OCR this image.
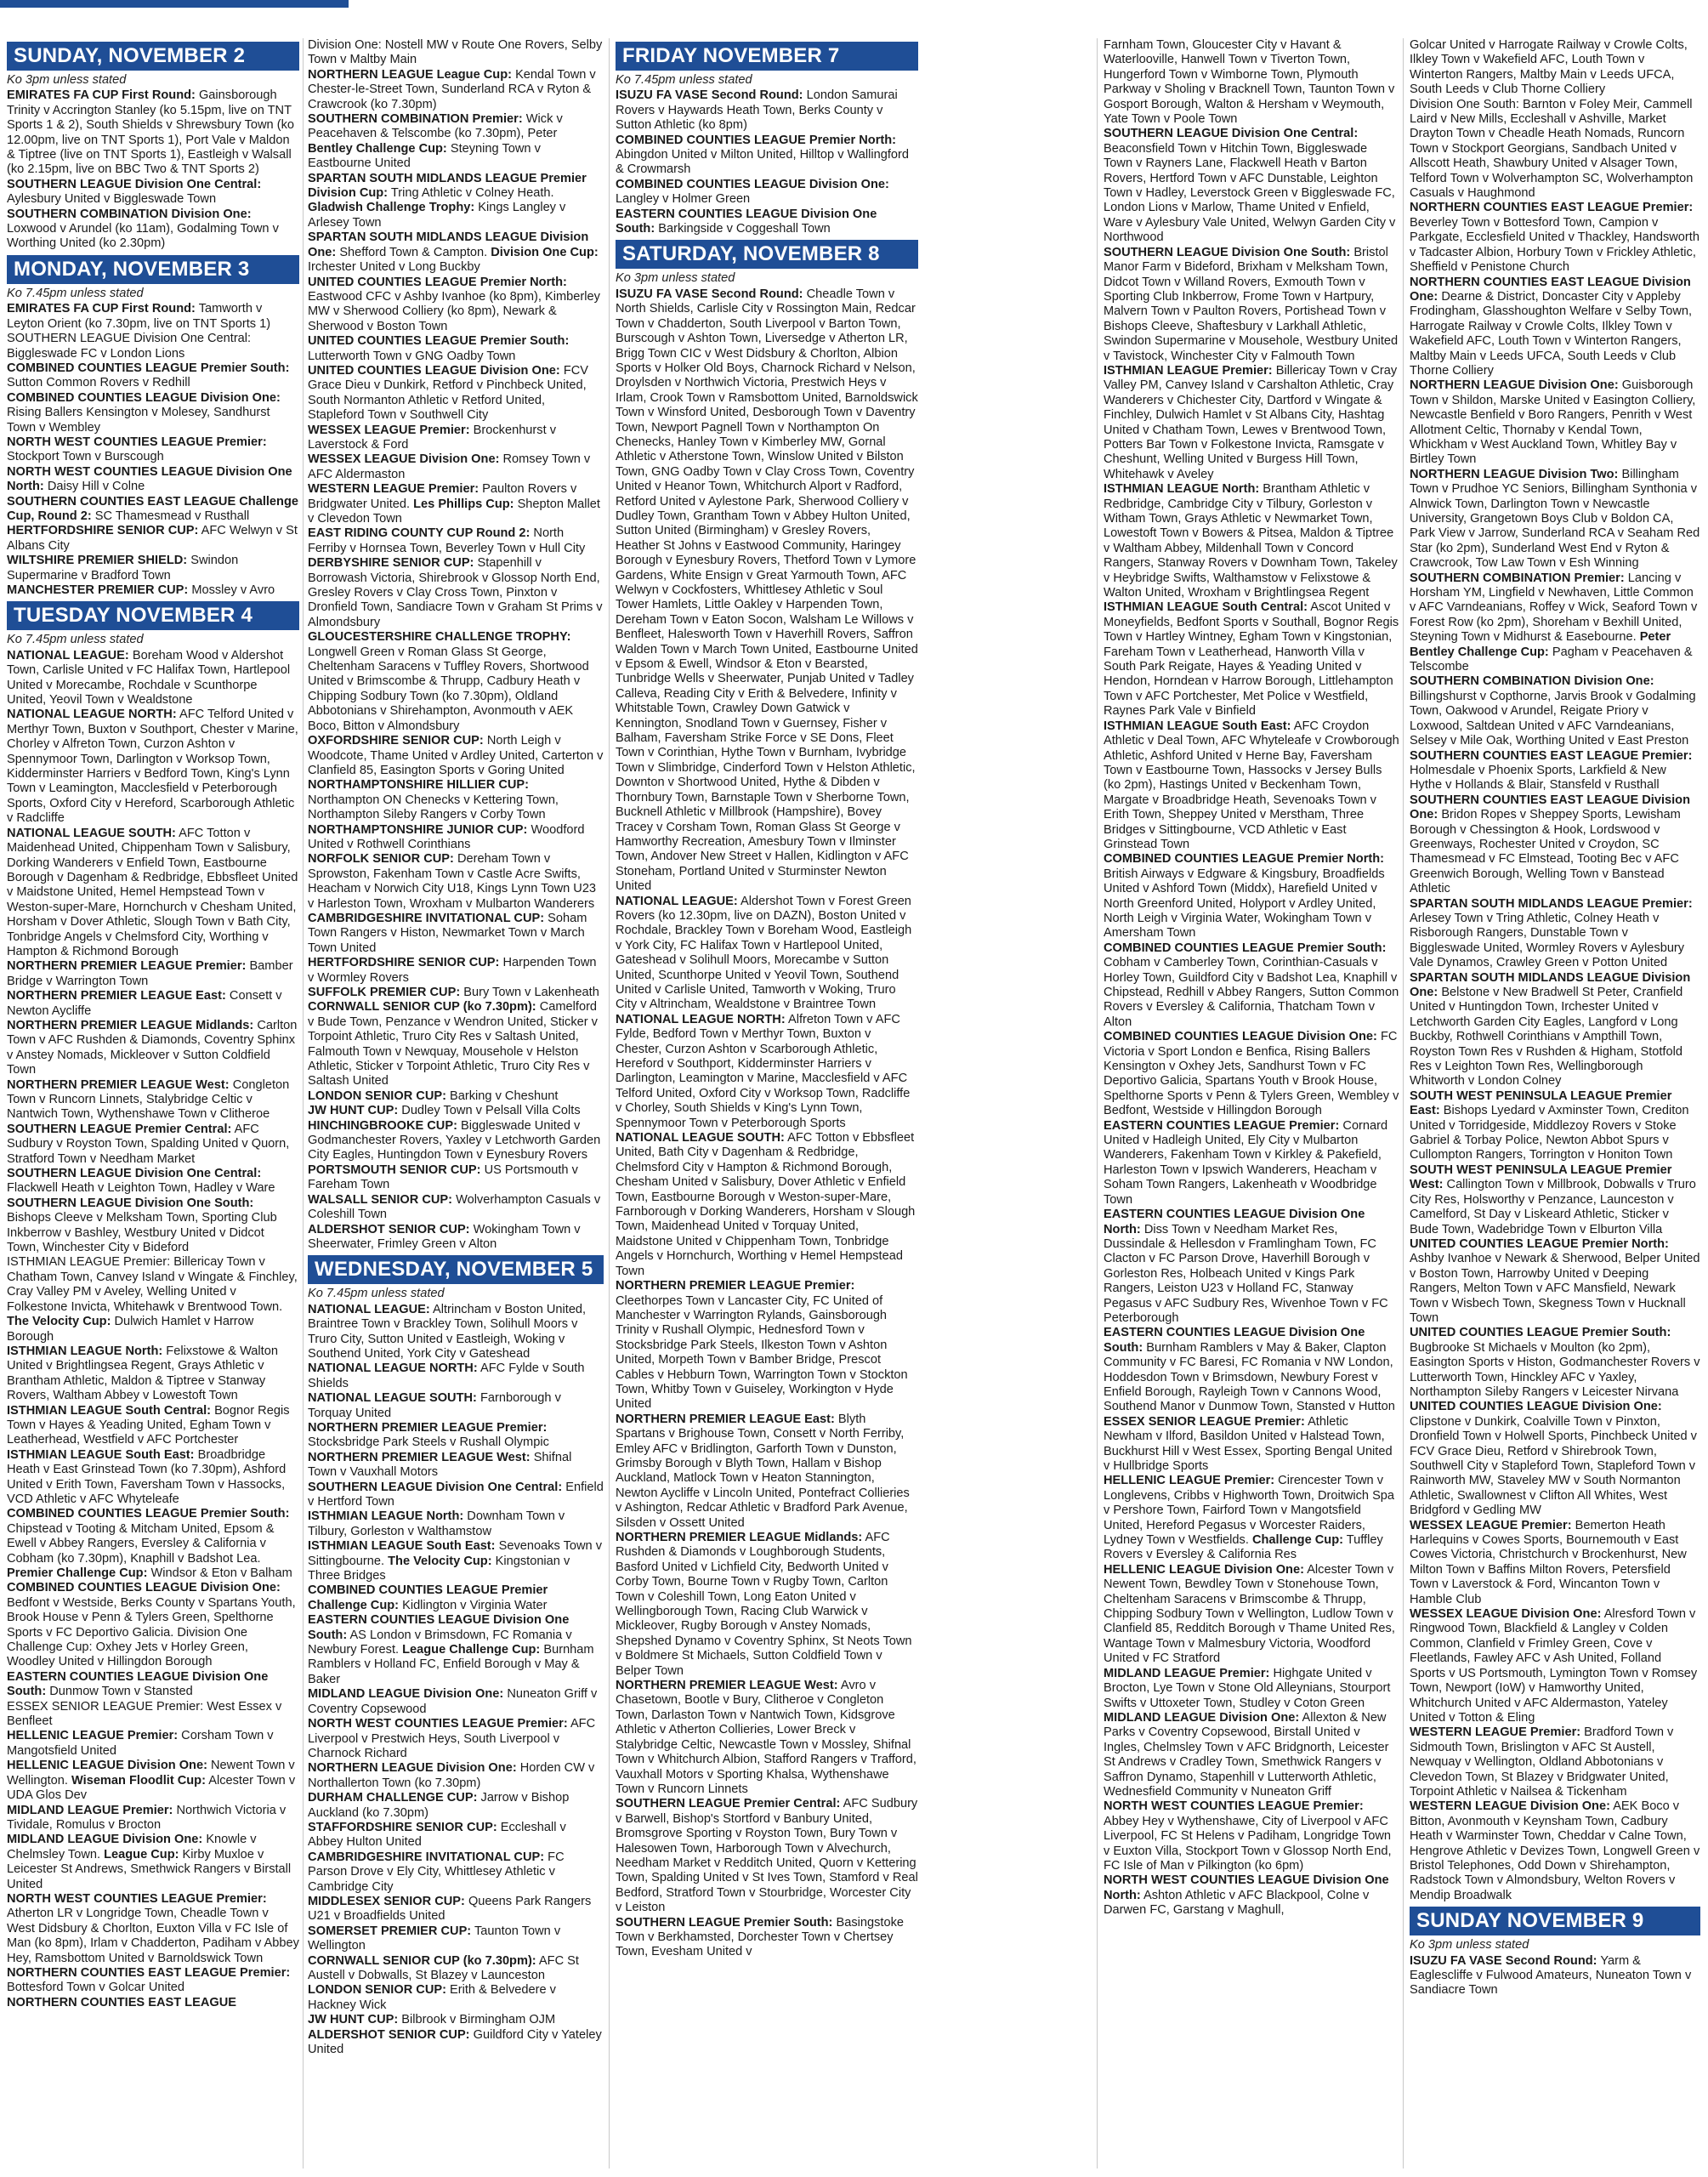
SUNDAY, NOVEMBER 2
Ko 3pm unless stated
EMIRATES FA CUP First Round: Gainsborough Trinity v Accrington Stanley (ko 5.15pm, live on TNT Sports 1 & 2), South Shields v Shrewsbury Town (ko 12.00pm, live on TNT Sports 1), Port Vale v Maldon & Tiptree (live on TNT Sports 1), Eastleigh v Walsall (ko 2.15pm, live on BBC Two & TNT Sports 2)
SOUTHERN LEAGUE Division One Central: Aylesbury United v Biggleswade Town
SOUTHERN COMBINATION Division One: Loxwood v Arundel (ko 11am), Godalming Town v Worthing United (ko 2.30pm)
MONDAY, NOVEMBER 3
Ko 7.45pm unless stated
EMIRATES FA CUP First Round: Tamworth v Leyton Orient (ko 7.30pm, live on TNT Sports 1)
SOUTHERN LEAGUE Division One Central: Biggleswade FC v London Lions
COMBINED COUNTIES LEAGUE Premier South: Sutton Common Rovers v Redhill
COMBINED COUNTIES LEAGUE Division One: Rising Ballers Kensington v Molesey, Sandhurst Town v Wembley
NORTH WEST COUNTIES LEAGUE Premier: Stockport Town v Burscough
NORTH WEST COUNTIES LEAGUE Division One North: Daisy Hill v Colne
SOUTHERN COUNTIES EAST LEAGUE Challenge Cup, Round 2: SC Thamesmead v Rusthall
HERTFORDSHIRE SENIOR CUP: AFC Welwyn v St Albans City
WILTSHIRE PREMIER SHIELD: Swindon Supermarine v Bradford Town
MANCHESTER PREMIER CUP: Mossley v Avro
TUESDAY NOVEMBER 4
Ko 7.45pm unless stated
NATIONAL LEAGUE: Boreham Wood v Aldershot Town, Carlisle United v FC Halifax Town, Hartlepool United v Morecambe, Rochdale v Scunthorpe United, Yeovil Town v Wealdstone
NATIONAL LEAGUE NORTH: AFC Telford United v Merthyr Town, Buxton v Southport, Chester v Marine, Chorley v Alfreton Town, Curzon Ashton v Spennymoor Town, Darlington v Worksop Town, Kidderminster Harriers v Bedford Town, King's Lynn Town v Leamington, Macclesfield v Peterborough Sports, Oxford City v Hereford, Scarborough Athletic v Radcliffe
NATIONAL LEAGUE SOUTH: AFC Totton v Maidenhead United, Chippenham Town v Salisbury, Dorking Wanderers v Enfield Town, Eastbourne Borough v Dagenham & Redbridge, Ebbsfleet United v Maidstone United, Hemel Hempstead Town v Weston-super-Mare, Hornchurch v Chesham United, Horsham v Dover Athletic, Slough Town v Bath City, Tonbridge Angels v Chelmsford City, Worthing v Hampton & Richmond Borough
NORTHERN PREMIER LEAGUE Premier: Bamber Bridge v Warrington Town
NORTHERN PREMIER LEAGUE East: Consett v Newton Aycliffe
NORTHERN PREMIER LEAGUE Midlands: Carlton Town v AFC Rushden & Diamonds, Coventry Sphinx v Anstey Nomads, Mickleover v Sutton Coldfield Town
NORTHERN PREMIER LEAGUE West: Congleton Town v Runcorn Linnets, Stalybridge Celtic v Nantwich Town, Wythenshawe Town v Clitheroe
SOUTHERN LEAGUE Premier Central: AFC Sudbury v Royston Town, Spalding United v Quorn, Stratford Town v Needham Market
SOUTHERN LEAGUE Division One Central: Flackwell Heath v Leighton Town, Hadley v Ware
SOUTHERN LEAGUE Division One South: Bishops Cleeve v Melksham Town, Sporting Club Inkberrow v Bashley, Westbury United v Didcot Town, Winchester City v Bideford
ISTHMIAN LEAGUE Premier: Billericay Town v Chatham Town, Canvey Island v Wingate & Finchley, Cray Valley PM v Aveley, Welling United v Folkestone Invicta, Whitehawk v Brentwood Town. The Velocity Cup: Dulwich Hamlet v Harrow Borough
ISTHMIAN LEAGUE North: Felixstowe & Walton United v Brightlingsea Regent, Grays Athletic v Brantham Athletic, Maldon & Tiptree v Stanway Rovers, Waltham Abbey v Lowestoft Town
ISTHMIAN LEAGUE South Central: Bognor Regis Town v Hayes & Yeading United, Egham Town v Leatherhead, Westfield v AFC Portchester
ISTHMIAN LEAGUE South East: Broadbridge Heath v East Grinstead Town (ko 7.30pm), Ashford United v Erith Town, Faversham Town v Hassocks, VCD Athletic v AFC Whyteleafe
COMBINED COUNTIES LEAGUE Premier South: Chipstead v Tooting & Mitcham United, Epsom & Ewell v Abbey Rangers, Eversley & California v Cobham (ko 7.30pm), Knaphill v Badshot Lea. Premier Challenge Cup: Windsor & Eton v Balham
COMBINED COUNTIES LEAGUE Division One: Bedfont v Westside, Berks County v Spartans Youth, Brook House v Penn & Tylers Green, Spelthorne Sports v FC Deportivo Galicia. Division One Challenge Cup: Oxhey Jets v Horley Green, Woodley United v Hillingdon Borough
EASTERN COUNTIES LEAGUE Division One South: Dunmow Town v Stansted
ESSEX SENIOR LEAGUE Premier: West Essex v Benfleet
HELLENIC LEAGUE Premier: Corsham Town v Mangotsfield United
HELLENIC LEAGUE Division One: Newent Town v Wellington. Wiseman Floodlit Cup: Alcester Town v UDA Glos Dev
MIDLAND LEAGUE Premier: Northwich Victoria v Tividale, Romulus v Brocton
MIDLAND LEAGUE Division One: Knowle v Chelmsley Town. League Cup: Kirby Muxloe v Leicester St Andrews, Smethwick Rangers v Birstall United
NORTH WEST COUNTIES LEAGUE Premier: Atherton LR v Longridge Town, Cheadle Town v West Didsbury & Chorlton, Euxton Villa v FC Isle of Man (ko 8pm), Irlam v Chadderton, Padiham v Abbey Hey, Ramsbottom United v Barnoldswick Town
NORTHERN COUNTIES EAST LEAGUE Premier: Bottesford Town v Golcar United
NORTHERN COUNTIES EAST LEAGUE
Division One: Nostell MW v Route One Rovers, Selby Town v Maltby Main
NORTHERN LEAGUE League Cup: Kendal Town v Chester-le-Street Town, Sunderland RCA v Ryton & Crawcrook (ko 7.30pm)
SOUTHERN COMBINATION Premier: Wick v Peacehaven & Telscombe (ko 7.30pm), Peter
Bentley Challenge Cup: Steyning Town v Eastbourne United
SPARTAN SOUTH MIDLANDS LEAGUE Premier Division Cup: Tring Athletic v Colney Heath. Gladwish Challenge Trophy: Kings Langley v Arlesey Town
SPARTAN SOUTH MIDLANDS LEAGUE Division One: Shefford Town & Campton. Division One Cup: Irchester United v Long Buckby
UNITED COUNTIES LEAGUE Premier North: Eastwood CFC v Ashby Ivanhoe (ko 8pm), Kimberley MW v Sherwood Colliery (ko 8pm), Newark & Sherwood v Boston Town
UNITED COUNTIES LEAGUE Premier South: Lutterworth Town v GNG Oadby Town
UNITED COUNTIES LEAGUE Division One: FCV Grace Dieu v Dunkirk, Retford v Pinchbeck United, South Normanton Athletic v Retford United, Stapleford Town v Southwell City
WESSEX LEAGUE Premier: Brockenhurst v Laverstock & Ford
WESSEX LEAGUE Division One: Romsey Town v AFC Aldermaston
WESTERN LEAGUE Premier: Paulton Rovers v Bridgwater United. Les Phillips Cup: Shepton Mallet v Clevedon Town
EAST RIDING COUNTY CUP Round 2: North Ferriby v Hornsea Town, Beverley Town v Hull City
DERBYSHIRE SENIOR CUP: Stapenhill v Borrowash Victoria, Shirebrook v Glossop North End, Gresley Rovers v Clay Cross Town, Pinxton v Dronfield Town, Sandiacre Town v Graham St Prims v Almondsbury
GLOUCESTERSHIRE CHALLENGE TROPHY: Longwell Green v Roman Glass St George, Cheltenham Saracens v Tuffley Rovers, Shortwood United v Brimscombe & Thrupp, Cadbury Heath v Chipping Sodbury Town (ko 7.30pm), Oldland Abbotonians v Shirehampton, Avonmouth v AEK Boco, Bitton v Almondsbury
OXFORDSHIRE SENIOR CUP: North Leigh v Woodcote, Thame United v Ardley United, Carterton v Clanfield 85, Easington Sports v Goring United
NORTHAMPTONSHIRE HILLIER CUP: Northampton ON Chenecks v Kettering Town, Northampton Sileby Rangers v Corby Town
NORTHAMPTONSHIRE JUNIOR CUP: Woodford United v Rothwell Corinthians
NORFOLK SENIOR CUP: Dereham Town v Sprowston, Fakenham Town v Castle Acre Swifts, Heacham v Norwich City U18, Kings Lynn Town U23 v Harleston Town, Wroxham v Mulbarton Wanderers
CAMBRIDGESHIRE INVITATIONAL CUP: Soham Town Rangers v Histon, Newmarket Town v March Town United
HERTFORDSHIRE SENIOR CUP: Harpenden Town v Wormley Rovers
SUFFOLK PREMIER CUP: Bury Town v Lakenheath
CORNWALL SENIOR CUP (ko 7.30pm): Camelford v Bude Town, Penzance v Wendron United, Sticker v Torpoint Athletic, Truro City Res v Saltash United, Falmouth Town v Newquay, Mousehole v Helston Athletic, Sticker v Torpoint Athletic, Truro City Res v Saltash United
LONDON SENIOR CUP: Barking v Cheshunt
JW HUNT CUP: Dudley Town v Pelsall Villa Colts
HINCHINGBROOKE CUP: Biggleswade United v Godmanchester Rovers, Yaxley v Letchworth Garden City Eagles, Huntingdon Town v Eynesbury Rovers
PORTSMOUTH SENIOR CUP: US Portsmouth v Fareham Town
WALSALL SENIOR CUP: Wolverhampton Casuals v Coleshill Town
ALDERSHOT SENIOR CUP: Wokingham Town v Sheerwater, Frimley Green v Alton
WEDNESDAY, NOVEMBER 5
Ko 7.45pm unless stated
NATIONAL LEAGUE: Altrincham v Boston United, Braintree Town v Brackley Town, Solihull Moors v Truro City, Sutton United v Eastleigh, Woking v Southend United, York City v Gateshead
NATIONAL LEAGUE NORTH: AFC Fylde v South Shields
NATIONAL LEAGUE SOUTH: Farnborough v Torquay United
NORTHERN PREMIER LEAGUE Premier: Stocksbridge Park Steels v Rushall Olympic
NORTHERN PREMIER LEAGUE West: Shifnal Town v Vauxhall Motors
SOUTHERN LEAGUE Division One Central: Enfield v Hertford Town
ISTHMIAN LEAGUE North: Downham Town v Tilbury, Gorleston v Walthamstow
ISTHMIAN LEAGUE South East: Sevenoaks Town v Sittingbourne. The Velocity Cup: Kingstonian v Three Bridges
COMBINED COUNTIES LEAGUE Premier Challenge Cup: Kidlington v Virginia Water
EASTERN COUNTIES LEAGUE Division One South: AS London v Brimsdown, FC Romania v Newbury Forest. League Challenge Cup: Burnham Ramblers v Holland FC, Enfield Borough v May & Baker
MIDLAND LEAGUE Division One: Nuneaton Griff v Coventry Copsewood
NORTH WEST COUNTIES LEAGUE Premier: AFC Liverpool v Prestwich Heys, South Liverpool v Charnock Richard
NORTHERN LEAGUE Division One: Horden CW v Northallerton Town (ko 7.30pm)
DURHAM CHALLENGE CUP: Jarrow v Bishop Auckland (ko 7.30pm)
STAFFORDSHIRE SENIOR CUP: Eccleshall v Abbey Hulton United
CAMBRIDGESHIRE INVITATIONAL CUP: FC Parson Drove v Ely City, Whittlesey Athletic v Cambridge City
MIDDLESEX SENIOR CUP: Queens Park Rangers U21 v Broadfields United
SOMERSET PREMIER CUP: Taunton Town v Wellington
CORNWALL SENIOR CUP (ko 7.30pm): AFC St Austell v Dobwalls, St Blazey v Launceston
LONDON SENIOR CUP: Erith & Belvedere v Hackney Wick
JW HUNT CUP: Bilbrook v Birmingham OJM
ALDERSHOT SENIOR CUP: Guildford City v Yateley United
FRIDAY NOVEMBER 7
Ko 7.45pm unless stated
ISUZU FA VASE Second Round: London Samurai Rovers v Haywards Heath Town, Berks County v Sutton Athletic (ko 8pm)
COMBINED COUNTIES LEAGUE Premier North: Abingdon United v Milton United, Hilltop v Wallingford & Crowmarsh
COMBINED COUNTIES LEAGUE Division One: Langley v Holmer Green
EASTERN COUNTIES LEAGUE Division One South: Barkingside v Coggeshall Town
SATURDAY, NOVEMBER 8
Ko 3pm unless stated
ISUZU FA VASE Second Round: Cheadle Town v North Shields, Carlisle City v Rossington Main, Redcar Town v Chadderton, South Liverpool v Barton Town, Burscough v Ashton Town, Liversedge v Atherton LR, Brigg Town CIC v West Didsbury & Chorlton, Albion Sports v Holker Old Boys, Charnock Richard v Nelson, Droylsden v Northwich Victoria, Prestwich Heys v Irlam, Crook Town v Ramsbottom United, Barnoldswick Town v Winsford United, Desborough Town v Daventry Town, Newport Pagnell Town v Northampton On Chenecks, Hanley Town v Kimberley MW, Gornal Athletic v Atherstone Town, Winslow United v Bilston Town, GNG Oadby Town v Clay Cross Town, Coventry United v Heanor Town, Whitchurch Alport v Radford, Retford United v Aylestone Park, Sherwood Colliery v Dudley Town, Grantham Town v Abbey Hulton United, Sutton United (Birmingham) v Gresley Rovers, Heather St Johns v Eastwood Community, Haringey Borough v Eynesbury Rovers, Thetford Town v Lymore Gardens, White Ensign v Great Yarmouth Town, AFC Welwyn v Cockfosters, Whittlesey Athletic v Soul Tower Hamlets, Little Oakley v Harpenden Town, Dereham Town v Eaton Socon, Walsham Le Willows v Benfleet, Halesworth Town v Haverhill Rovers, Saffron Walden Town v March Town United, Eastbourne United v Epsom & Ewell, Windsor & Eton v Bearsted, Tunbridge Wells v Sheerwater, Punjab United v Tadley Calleva, Reading City v Erith & Belvedere, Infinity v Whitstable Town, Crawley Down Gatwick v Kennington, Snodland Town v Guernsey, Fisher v Balham, Faversham Strike Force v SE Dons, Fleet Town v Corinthian, Hythe Town v Burnham, Ivybridge Town v Slimbridge, Cinderford Town v Helston Athletic, Downton v Shortwood United, Hythe & Dibden v Thornbury Town, Barnstaple Town v Sherborne Town, Bucknell Athletic v Millbrook (Hampshire), Bovey Tracey v Corsham Town, Roman Glass St George v Hamworthy Recreation, Amesbury Town v Ilminster Town, Andover New Street v Hallen, Kidlington v AFC Stoneham, Portland United v Sturminster Newton United
NATIONAL LEAGUE: Aldershot Town v Forest Green Rovers (ko 12.30pm, live on DAZN), Boston United v Rochdale, Brackley Town v Boreham Wood, Eastleigh v York City, FC Halifax Town v Hartlepool United, Gateshead v Solihull Moors, Morecambe v Sutton United, Scunthorpe United v Yeovil Town, Southend United v Carlisle United, Tamworth v Woking, Truro City v Altrincham, Wealdstone v Braintree Town
NATIONAL LEAGUE NORTH: Alfreton Town v AFC Fylde, Bedford Town v Merthyr Town, Buxton v Chester, Curzon Ashton v Scarborough Athletic, Hereford v Southport, Kidderminster Harriers v Darlington, Leamington v Marine, Macclesfield v AFC Telford United, Oxford City v Worksop Town, Radcliffe v Chorley, South Shields v King's Lynn Town, Spennymoor Town v Peterborough Sports
NATIONAL LEAGUE SOUTH: AFC Totton v Ebbsfleet United, Bath City v Dagenham & Redbridge, Chelmsford City v Hampton & Richmond Borough, Chesham United v Salisbury, Dover Athletic v Enfield Town, Eastbourne Borough v Weston-super-Mare, Farnborough v Dorking Wanderers, Horsham v Slough Town, Maidenhead United v Torquay United, Maidstone United v Chippenham Town, Tonbridge Angels v Hornchurch, Worthing v Hemel Hempstead Town
NORTHERN PREMIER LEAGUE Premier: Cleethorpes Town v Lancaster City, FC United of Manchester v Warrington Rylands, Gainsborough Trinity v Rushall Olympic, Hednesford Town v Stocksbridge Park Steels, Ilkeston Town v Ashton United, Morpeth Town v Bamber Bridge, Prescot Cables v Hebburn Town, Warrington Town v Stockton Town, Whitby Town v Guiseley, Workington v Hyde United
NORTHERN PREMIER LEAGUE East: Blyth Spartans v Brighouse Town, Consett v North Ferriby, Emley AFC v Bridlington, Garforth Town v Dunston, Grimsby Borough v Blyth Town, Hallam v Bishop Auckland, Matlock Town v Heaton Stannington, Newton Aycliffe v Lincoln United, Pontefract Collieries v Ashington, Redcar Athletic v Bradford Park Avenue, Silsden v Ossett United
NORTHERN PREMIER LEAGUE Midlands: AFC Rushden & Diamonds v Loughborough Students, Basford United v Lichfield City, Bedworth United v Corby Town, Bourne Town v Rugby Town, Carlton Town v Coleshill Town, Long Eaton United v Wellingborough Town, Racing Club Warwick v Mickleover, Rugby Borough v Anstey Nomads, Shepshed Dynamo v Coventry Sphinx, St Neots Town v Boldmere St Michaels, Sutton Coldfield Town v Belper Town
NORTHERN PREMIER LEAGUE West: Avro v Chasetown, Bootle v Bury, Clitheroe v Congleton Town, Darlaston Town v Nantwich Town, Kidsgrove Athletic v Atherton Collieries, Lower Breck v Stalybridge Celtic, Newcastle Town v Mossley, Shifnal Town v Whitchurch Albion, Stafford Rangers v Trafford, Vauxhall Motors v Sporting Khalsa, Wythenshawe Town v Runcorn Linnets
SOUTHERN LEAGUE Premier Central: AFC Sudbury v Barwell, Bishop's Stortford v Banbury United, Bromsgrove Sporting v Royston Town, Bury Town v Halesowen Town, Harborough Town v Alvechurch, Needham Market v Redditch United, Quorn v Kettering Town, Spalding United v St Ives Town, Stamford v Real Bedford, Stratford Town v Stourbridge, Worcester City v Leiston
SOUTHERN LEAGUE Premier South: Basingstoke Town v Berkhamsted, Dorchester Town v Chertsey Town, Evesham United v
Farnham Town, Gloucester City v Havant & Waterlooville, Hanwell Town v Tiverton Town, Hungerford Town v Wimborne Town, Plymouth Parkway v Sholing v Bracknell Town, Taunton Town v Gosport Borough, Walton & Hersham v Weymouth, Yate Town v Poole Town
SOUTHERN LEAGUE Division One Central: Beaconsfield Town v Hitchin Town, Biggleswade Town v Rayners Lane, Flackwell Heath v Barton Rovers, Hertford Town v AFC Dunstable, Leighton Town v Hadley, Leverstock Green v Biggleswade FC, London Lions v Marlow, Thame United v Enfield, Ware v Aylesbury Vale United, Welwyn Garden City v Northwood
SOUTHERN LEAGUE Division One South: Bristol Manor Farm v Bideford, Brixham v Melksham Town, Didcot Town v Willand Rovers, Exmouth Town v Sporting Club Inkberrow, Frome Town v Hartpury, Malvern Town v Paulton Rovers, Portishead Town v Bishops Cleeve, Shaftesbury v Larkhall Athletic, Swindon Supermarine v Mousehole, Westbury United v Tavistock, Winchester City v Falmouth Town
ISTHMIAN LEAGUE Premier: Billericay Town v Cray Valley PM, Canvey Island v Carshalton Athletic, Cray Wanderers v Chichester City, Dartford v Wingate & Finchley, Dulwich Hamlet v St Albans City, Hashtag United v Chatham Town, Lewes v Brentwood Town, Potters Bar Town v Folkestone Invicta, Ramsgate v Cheshunt, Welling United v Burgess Hill Town, Whitehawk v Aveley
ISTHMIAN LEAGUE North: Brantham Athletic v Redbridge, Cambridge City v Tilbury, Gorleston v Witham Town, Grays Athletic v Newmarket Town, Lowestoft Town v Bowers & Pitsea, Maldon & Tiptree v Waltham Abbey, Mildenhall Town v Concord Rangers, Stanway Rovers v Downham Town, Takeley v Heybridge Swifts, Walthamstow v Felixstowe & Walton United, Wroxham v Brightlingsea Regent
ISTHMIAN LEAGUE South Central: Ascot United v Moneyfields, Bedfont Sports v Southall, Bognor Regis Town v Hartley Wintney, Egham Town v Kingstonian, Fareham Town v Leatherhead, Hanworth Villa v South Park Reigate, Hayes & Yeading United v Hendon, Horndean v Harrow Borough, Littlehampton Town v AFC Portchester, Met Police v Westfield, Raynes Park Vale v Binfield
ISTHMIAN LEAGUE South East: AFC Croydon Athletic v Deal Town, AFC Whyteleafe v Crowborough Athletic, Ashford United v Herne Bay, Faversham Town v Eastbourne Town, Hassocks v Jersey Bulls (ko 2pm), Hastings United v Beckenham Town, Margate v Broadbridge Heath, Sevenoaks Town v Erith Town, Sheppey United v Merstham, Three Bridges v Sittingbourne, VCD Athletic v East Grinstead Town
COMBINED COUNTIES LEAGUE Premier North: British Airways v Edgware & Kingsbury, Broadfields United v Ashford Town (Middx), Harefield United v North Greenford United, Holyport v Ardley United, North Leigh v Virginia Water, Wokingham Town v Amersham Town
COMBINED COUNTIES LEAGUE Premier South: Cobham v Camberley Town, Corinthian-Casuals v Horley Town, Guildford City v Badshot Lea, Knaphill v Chipstead, Redhill v Abbey Rangers, Sutton Common Rovers v Eversley & California, Thatcham Town v Alton
COMBINED COUNTIES LEAGUE Division One: FC Victoria v Sport London e Benfica, Rising Ballers Kensington v Oxhey Jets, Sandhurst Town v FC Deportivo Galicia, Spartans Youth v Brook House, Spelthorne Sports v Penn & Tylers Green, Wembley v Bedfont, Westside v Hillingdon Borough
EASTERN COUNTIES LEAGUE Premier: Cornard United v Hadleigh United, Ely City v Mulbarton Wanderers, Fakenham Town v Kirkley & Pakefield, Harleston Town v Ipswich Wanderers, Heacham v Soham Town Rangers, Lakenheath v Woodbridge Town
EASTERN COUNTIES LEAGUE Division One North: Diss Town v Needham Market Res, Dussindale & Hellesdon v Framlingham Town, FC Clacton v FC Parson Drove, Haverhill Borough v Gorleston Res, Holbeach United v Kings Park Rangers, Leiston U23 v Holland FC, Stanway Pegasus v AFC Sudbury Res, Wivenhoe Town v FC Peterborough
EASTERN COUNTIES LEAGUE Division One South: Burnham Ramblers v May & Baker, Clapton Community v FC Baresi, FC Romania v NW London, Hoddesdon Town v Brimsdown, Newbury Forest v Enfield Borough, Rayleigh Town v Cannons Wood, Southend Manor v Dunmow Town, Stansted v Hutton
ESSEX SENIOR LEAGUE Premier: Athletic Newham v Ilford, Basildon United v Halstead Town, Buckhurst Hill v West Essex, Sporting Bengal United v Hullbridge Sports
HELLENIC LEAGUE Premier: Cirencester Town v Longlevens, Cribbs v Highworth Town, Droitwich Spa v Pershore Town, Fairford Town v Mangotsfield United, Hereford Pegasus v Worcester Raiders, Lydney Town v Westfields. Challenge Cup: Tuffley Rovers v Eversley & California Res
HELLENIC LEAGUE Division One: Alcester Town v Newent Town, Bewdley Town v Stonehouse Town, Cheltenham Saracens v Brimscombe & Thrupp, Chipping Sodbury Town v Wellington, Ludlow Town v Clanfield 85, Redditch Borough v Thame United Res, Wantage Town v Malmesbury Victoria, Woodford United v FC Stratford
MIDLAND LEAGUE Premier: Highgate United v Brocton, Lye Town v Stone Old Alleynians, Stourport Swifts v Uttoxeter Town, Studley v Coton Green
MIDLAND LEAGUE Division One: Allexton & New Parks v Coventry Copsewood, Birstall United v Ingles, Chelmsley Town v AFC Bridgnorth, Leicester St Andrews v Cradley Town, Smethwick Rangers v Saffron Dynamo, Stapenhill v Lutterworth Athletic, Wednesfield Community v Nuneaton Griff
NORTH WEST COUNTIES LEAGUE Premier: Abbey Hey v Wythenshawe, City of Liverpool v AFC Liverpool, FC St Helens v Padiham, Longridge Town v Euxton Villa, Stockport Town v Glossop North End, FC Isle of Man v Pilkington (ko 6pm)
NORTH WEST COUNTIES LEAGUE Division One North: Ashton Athletic v AFC Blackpool, Colne v Darwen FC, Garstang v Maghull,
Golcar United v Harrogate Railway v Crowle Colts, Ilkley Town v Wakefield AFC, Louth Town v Winterton Rangers, Maltby Main v Leeds UFCA, South Leeds v Club Thorne Colliery
Division One South: Barnton v Foley Meir, Cammell Laird v New Mills, Eccleshall v Ashville, Market Drayton Town v Cheadle Heath Nomads, Runcorn Town v Stockport Georgians, Sandbach United v Allscott Heath, Shawbury United v Alsager Town, Telford Town v Wolverhampton SC, Wolverhampton Casuals v Haughmond
NORTHERN COUNTIES EAST LEAGUE Premier: Beverley Town v Bottesford Town, Campion v Parkgate, Ecclesfield United v Thackley, Handsworth v Tadcaster Albion, Horbury Town v Frickley Athletic, Sheffield v Penistone Church
NORTHERN COUNTIES EAST LEAGUE Division One: Dearne & District, Doncaster City v Appleby Frodingham, Glasshoughton Welfare v Selby Town, Harrogate Railway v Crowle Colts, Ilkley Town v Wakefield AFC, Louth Town v Winterton Rangers, Maltby Main v Leeds UFCA, South Leeds v Club Thorne Colliery
NORTHERN LEAGUE Division One: Guisborough Town v Shildon, Marske United v Easington Colliery, Newcastle Benfield v Boro Rangers, Penrith v West Allotment Celtic, Thornaby v Kendal Town, Whickham v West Auckland Town, Whitley Bay v Birtley Town
NORTHERN LEAGUE Division Two: Billingham Town v Prudhoe YC Seniors, Billingham Synthonia v Alnwick Town, Darlington Town v Newcastle University, Grangetown Boys Club v Boldon CA, Park View v Jarrow, Sunderland RCA v Seaham Red Star (ko 2pm), Sunderland West End v Ryton & Crawcrook, Tow Law Town v Esh Winning
SOUTHERN COMBINATION Premier: Lancing v Horsham YM, Lingfield v Newhaven, Little Common v AFC Varndeanians, Roffey v Wick, Seaford Town v Forest Row (ko 2pm), Shoreham v Bexhill United, Steyning Town v Midhurst & Easebourne. Peter Bentley Challenge Cup: Pagham v Peacehaven & Telscombe
SOUTHERN COMBINATION Division One: Billingshurst v Copthorne, Jarvis Brook v Godalming Town, Oakwood v Arundel, Reigate Priory v Loxwood, Saltdean United v AFC Varndeanians, Selsey v Mile Oak, Worthing United v East Preston
SOUTHERN COUNTIES EAST LEAGUE Premier: Holmesdale v Phoenix Sports, Larkfield & New Hythe v Hollands & Blair, Stansfeld v Rusthall
SOUTHERN COUNTIES EAST LEAGUE Division One: Bridon Ropes v Sheppey Sports, Lewisham Borough v Chessington & Hook, Lordswood v Greenways, Rochester United v Croydon, SC Thamesmead v FC Elmstead, Tooting Bec v AFC Greenwich Borough, Welling Town v Banstead Athletic
SPARTAN SOUTH MIDLANDS LEAGUE Premier: Arlesey Town v Tring Athletic, Colney Heath v Risborough Rangers, Dunstable Town v Biggleswade United, Wormley Rovers v Aylesbury Vale Dynamos, Crawley Green v Potton United
SPARTAN SOUTH MIDLANDS LEAGUE Division One: Belstone v New Bradwell St Peter, Cranfield United v Huntingdon Town, Irchester United v Letchworth Garden City Eagles, Langford v Long Buckby, Rothwell Corinthians v Ampthill Town, Royston Town Res v Rushden & Higham, Stotfold Res v Leighton Town Res, Wellingborough Whitworth v London Colney
SOUTH WEST PENINSULA LEAGUE Premier East: Bishops Lyedard v Axminster Town, Crediton United v Torridgeside, Middlezoy Rovers v Stoke Gabriel & Torbay Police, Newton Abbot Spurs v Cullompton Rangers, Torrington v Honiton Town
SOUTH WEST PENINSULA LEAGUE Premier West: Callington Town v Millbrook, Dobwalls v Truro City Res, Holsworthy v Penzance, Launceston v Camelford, St Day v Liskeard Athletic, Sticker v Bude Town, Wadebridge Town v Elburton Villa
UNITED COUNTIES LEAGUE Premier North: Ashby Ivanhoe v Newark & Sherwood, Belper United v Boston Town, Harrowby United v Deeping Rangers, Melton Town v AFC Mansfield, Newark Town v Wisbech Town, Skegness Town v Hucknall Town
UNITED COUNTIES LEAGUE Premier South: Bugbrooke St Michaels v Moulton (ko 2pm), Easington Sports v Histon, Godmanchester Rovers v Lutterworth Town, Hinckley AFC v Yaxley, Northampton Sileby Rangers v Leicester Nirvana
UNITED COUNTIES LEAGUE Division One: Clipstone v Dunkirk, Coalville Town v Pinxton, Dronfield Town v Holwell Sports, Pinchbeck United v FCV Grace Dieu, Retford v Shirebrook Town, Southwell City v Stapleford Town, Stapleford Town v Rainworth MW, Staveley MW v South Normanton Athletic, Swallownest v Clifton All Whites, West Bridgford v Gedling MW
WESSEX LEAGUE Premier: Bemerton Heath Harlequins v Cowes Sports, Bournemouth v East Cowes Victoria, Christchurch v Brockenhurst, New Milton Town v Baffins Milton Rovers, Petersfield Town v Laverstock & Ford, Wincanton Town v Hamble Club
WESSEX LEAGUE Division One: Alresford Town v Ringwood Town, Blackfield & Langley v Colden Common, Clanfield v Frimley Green, Cove v Fleetlands, Fawley AFC v Ash United, Folland Sports v US Portsmouth, Lymington Town v Romsey Town, Newport (IoW) v Hamworthy United, Whitchurch United v AFC Aldermaston, Yateley United v Totton & Eling
WESTERN LEAGUE Premier: Bradford Town v Sidmouth Town, Brislington v AFC St Austell, Newquay v Wellington, Oldland Abbotonians v Clevedon Town, St Blazey v Bridgwater United, Torpoint Athletic v Nailsea & Tickenham
WESTERN LEAGUE Division One: AEK Boco v Bitton, Avonmouth v Keynsham Town, Cadbury Heath v Warminster Town, Cheddar v Calne Town, Hengrove Athletic v Devizes Town, Longwell Green v Bristol Telephones, Odd Down v Shirehampton, Radstock Town v Almondsbury, Welton Rovers v Mendip Broadwalk
SUNDAY NOVEMBER 9
Ko 3pm unless stated
ISUZU FA VASE Second Round: Yarm & Eaglescliffe v Fulwood Amateurs, Nuneaton Town v Sandiacre Town
